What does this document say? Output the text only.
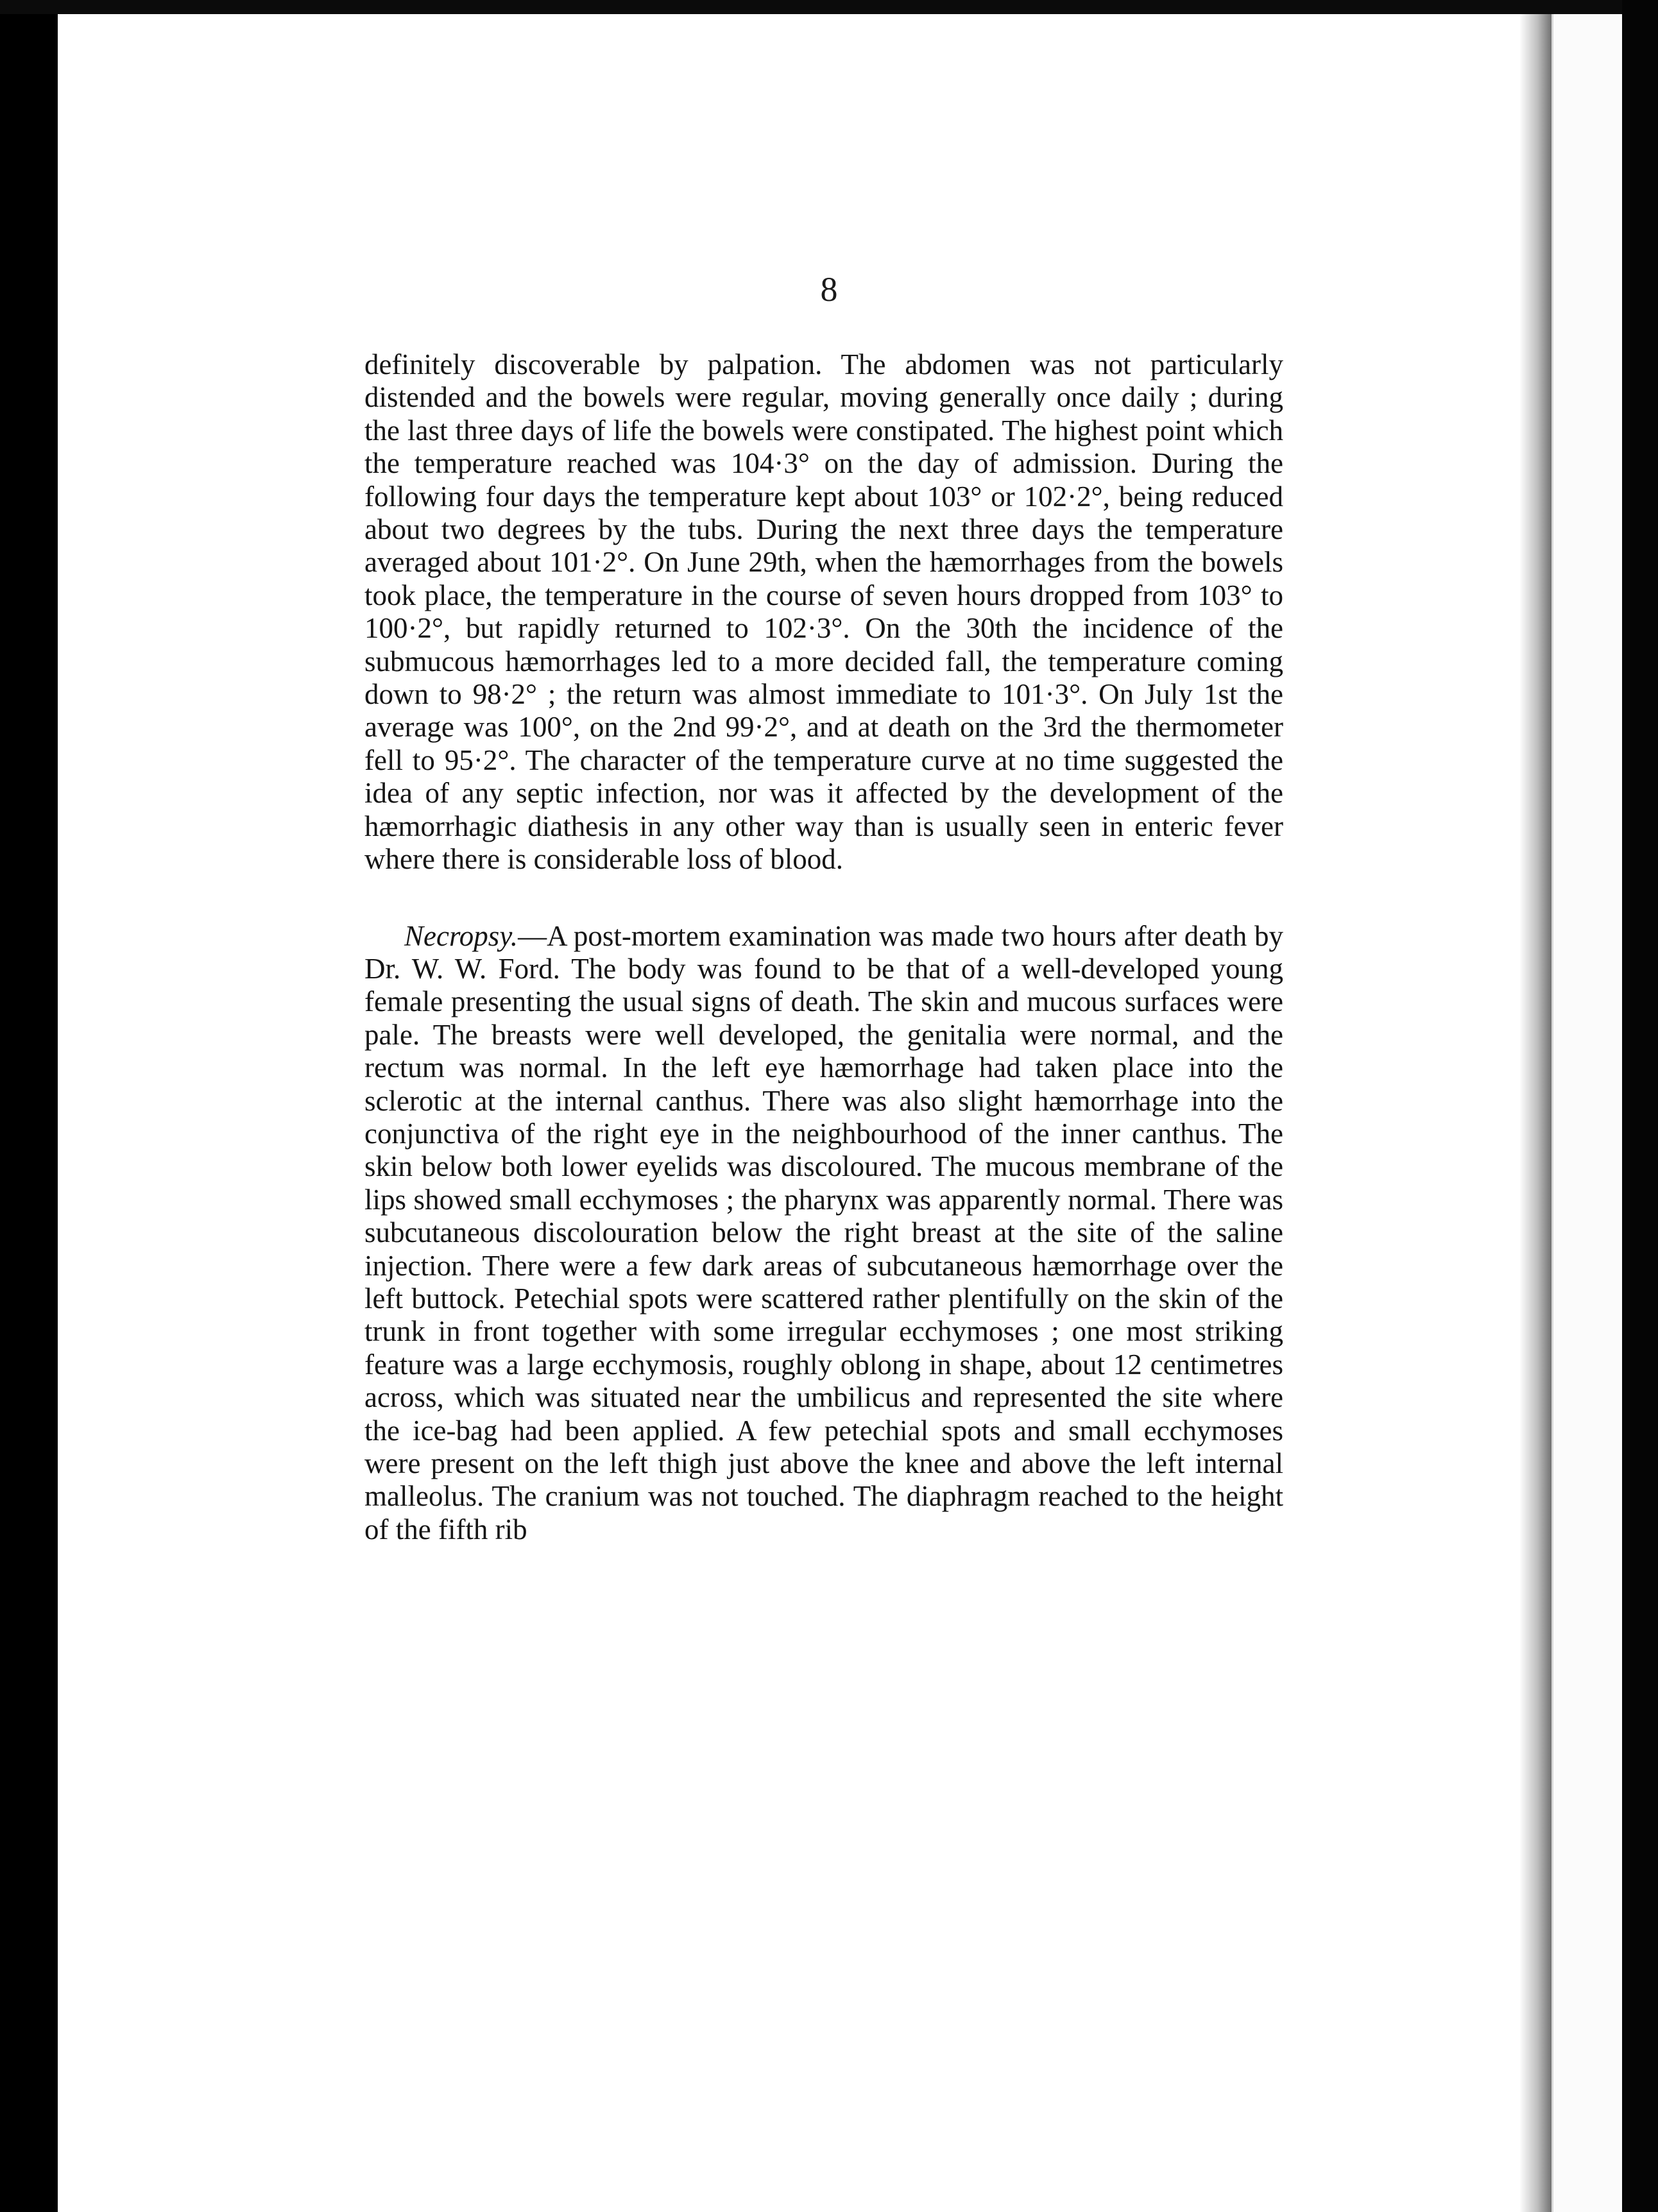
8

definitely discoverable by palpation. The abdomen was not particularly distended and the bowels were regular, moving generally once daily ; during the last three days of life the bowels were constipated. The highest point which the temperature reached was 104·3° on the day of admission. During the following four days the temperature kept about 103° or 102·2°, being reduced about two degrees by the tubs. During the next three days the temperature averaged about 101·2°. On June 29th, when the hæmorrhages from the bowels took place, the temperature in the course of seven hours dropped from 103° to 100·2°, but rapidly returned to 102·3°. On the 30th the incidence of the submucous hæmorrhages led to a more decided fall, the temperature coming down to 98·2° ; the return was almost immediate to 101·3°. On July 1st the average was 100°, on the 2nd 99·2°, and at death on the 3rd the thermometer fell to 95·2°. The character of the temperature curve at no time suggested the idea of any septic infection, nor was it affected by the development of the hæmorrhagic diathesis in any other way than is usually seen in enteric fever where there is considerable loss of blood.

Necropsy.—A post-mortem examination was made two hours after death by Dr. W. W. Ford. The body was found to be that of a well-developed young female presenting the usual signs of death. The skin and mucous surfaces were pale. The breasts were well developed, the genitalia were normal, and the rectum was normal. In the left eye hæmorrhage had taken place into the sclerotic at the internal canthus. There was also slight hæmorrhage into the conjunctiva of the right eye in the neighbourhood of the inner canthus. The skin below both lower eyelids was discoloured. The mucous membrane of the lips showed small ecchymoses ; the pharynx was apparently normal. There was subcutaneous discolouration below the right breast at the site of the saline injection. There were a few dark areas of subcutaneous hæmorrhage over the left buttock. Petechial spots were scattered rather plentifully on the skin of the trunk in front together with some irregular ecchymoses ; one most striking feature was a large ecchymosis, roughly oblong in shape, about 12 centimetres across, which was situated near the umbilicus and represented the site where the ice-bag had been applied. A few petechial spots and small ecchymoses were present on the left thigh just above the knee and above the left internal malleolus. The cranium was not touched. The diaphragm reached to the height of the fifth rib
